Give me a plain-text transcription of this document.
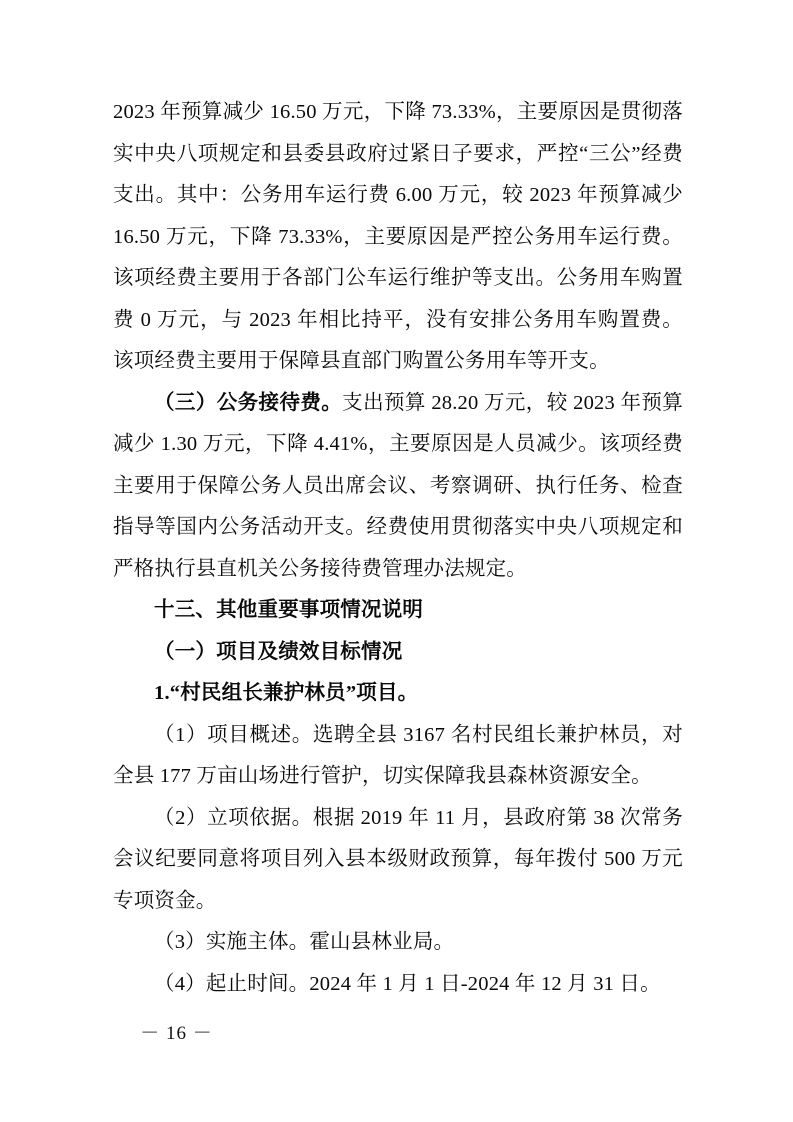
2023 年预算减少 16.50 万元，下降 73.33%，主要原因是贯彻落实中央八项规定和县委县政府过紧日子要求，严控“三公”经费支出。其中：公务用车运行费 6.00 万元，较 2023 年预算减少 16.50 万元，下降 73.33%，主要原因是严控公务用车运行费。该项经费主要用于各部门公车运行维护等支出。公务用车购置费 0 万元，与 2023 年相比持平，没有安排公务用车购置费。该项经费主要用于保障县直部门购置公务用车等开支。

（三）公务接待费。支出预算 28.20 万元，较 2023 年预算减少 1.30 万元，下降 4.41%，主要原因是人员减少。该项经费主要用于保障公务人员出席会议、考察调研、执行任务、检查指导等国内公务活动开支。经费使用贯彻落实中央八项规定和严格执行县直机关公务接待费管理办法规定。

十三、其他重要事项情况说明

（一）项目及绩效目标情况

1.“村民组长兼护林员”项目。

（1）项目概述。选聘全县 3167 名村民组长兼护林员，对全县 177 万亩山场进行管护，切实保障我县森林资源安全。

（2）立项依据。根据 2019 年 11 月，县政府第 38 次常务会议纪要同意将项目列入县本级财政预算，每年拨付 500 万元专项资金。

（3）实施主体。霍山县林业局。

（4）起止时间。2024 年 1 月 1 日-2024 年 12 月 31 日。

－ 16 －
